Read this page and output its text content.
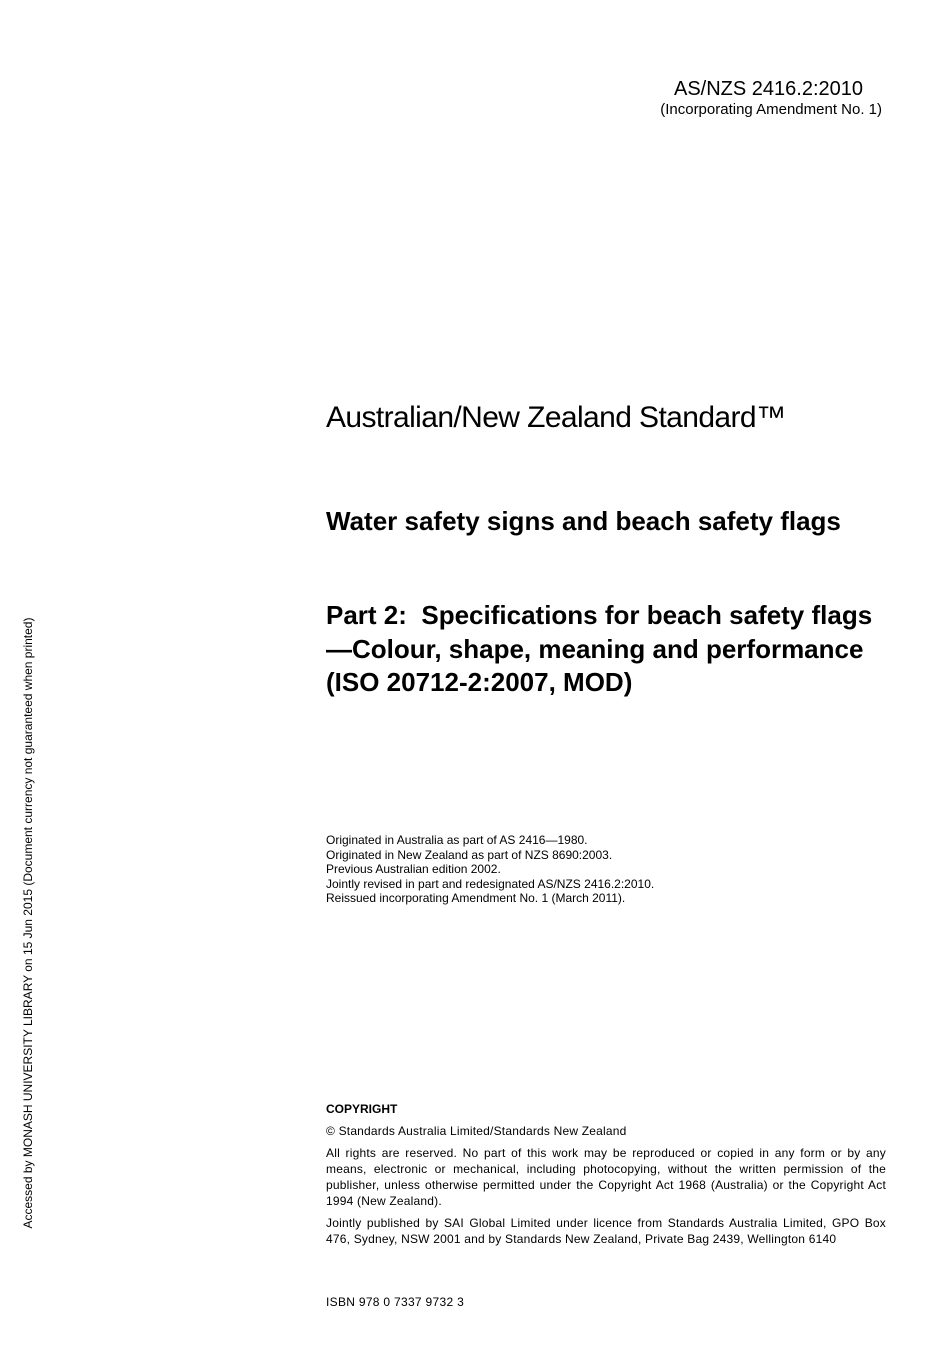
AS/NZS 2416.2:2010
(Incorporating Amendment No. 1)
Australian/New Zealand Standard™
Water safety signs and beach safety flags
Part 2:  Specifications for beach safety flags—Colour, shape, meaning and performance (ISO 20712-2:2007, MOD)
Originated in Australia as part of AS 2416—1980.
Originated in New Zealand as part of NZS 8690:2003.
Previous Australian edition 2002.
Jointly revised in part and redesignated AS/NZS 2416.2:2010.
Reissued incorporating Amendment No. 1 (March 2011).
COPYRIGHT
© Standards Australia Limited/Standards New Zealand
All rights are reserved. No part of this work may be reproduced or copied in any form or by any means, electronic or mechanical, including photocopying, without the written permission of the publisher, unless otherwise permitted under the Copyright Act 1968 (Australia) or the Copyright Act 1994 (New Zealand).
Jointly published by SAI Global Limited under licence from Standards Australia Limited, GPO Box 476, Sydney, NSW 2001 and by Standards New Zealand, Private Bag 2439, Wellington 6140
ISBN 978 0 7337 9732 3
Accessed by MONASH UNIVERSITY LIBRARY on 15 Jun 2015 (Document currency not guaranteed when printed)
